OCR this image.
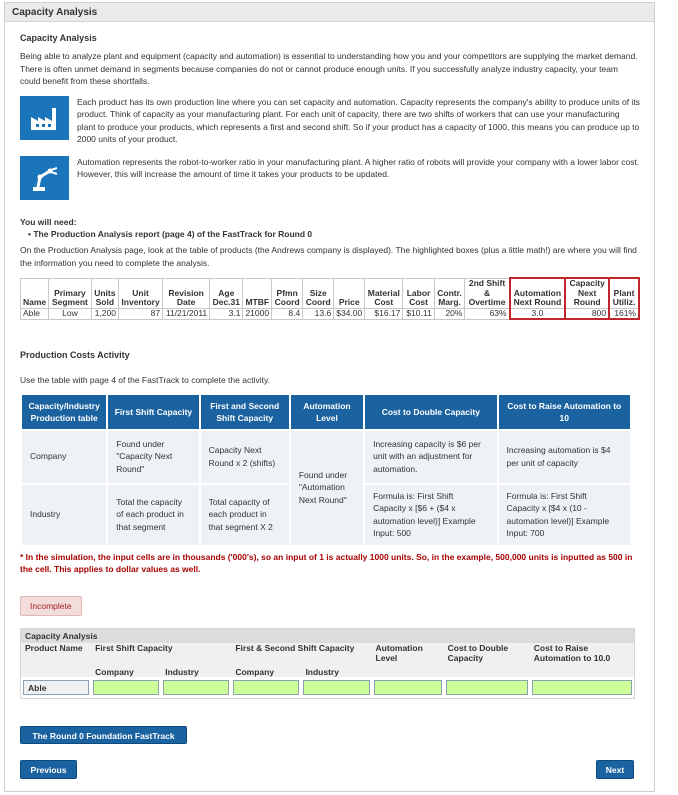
Capacity Analysis
Capacity Analysis

Being able to analyze plant and equipment (capacity and automation) is essential to understanding how you and your competitors are supplying the market demand. There is often unmet demand in segments because companies do not or cannot produce enough units. If you successfully analyze industry capacity, your team could benefit from these shortfalls.

Each product has its own production line where you can set capacity and automation. Capacity represents the company's ability to produce units of its product. Think of capacity as your manufacturing plant. For each unit of capacity, there are two shifts of workers that can use your manufacturing plant to produce your products, which represents a first and second shift. So if your product has a capacity of 1000, this means you can produce up to 2000 units of your product.

Automation represents the robot-to-worker ratio in your manufacturing plant. A higher ratio of robots will provide your company with a lower labor cost. However, this will increase the amount of time it takes your products to be updated.

You will need:

• The Production Analysis report (page 4) of the FastTrack for Round 0

On the Production Analysis page, look at the table of products (the Andrews company is displayed). The highlighted boxes (plus a little math!) are where you will find the information you need to complete the analysis.

Name	Primary Segment	Units Sold	Unit Inventory	Revision Date	Age Dec.31	MTBF	Pfmn Coord	Size Coord	Price	Material Cost	Labor Cost	Contr. Marg.	2nd Shift & Overtime	Automation Next Round	Capacity Next Round	Plant Utiliz.
Able	Low	1,200	87	11/21/2011	3.1	21000	8.4	13.6	$34.00	$16.17	$10.11	20%	63%	3.0	800	161%
Production Costs Activity

Use the table with page 4 of the FastTrack to complete the activity.

Capacity/Industry Production table	First Shift Capacity	First and Second Shift Capacity	Automation Level	Cost to Double Capacity	Cost to Raise Automation to 10
Company	Found under "Capacity Next Round"	Capacity Next Round x 2 (shifts)	Found under "Automation Next Round"	Increasing capacity is $6 per unit with an adjustment for automation.	Increasing automation is $4 per unit of capacity
Industry	Total the capacity of each product in that segment	Total capacity of each product in that segment X 2		Formula is: First Shift Capacity x [$6 + ($4 x automation level)] Example Input: 500	Formula is: First Shift Capacity x [$4 x (10 - automation level)] Example Input: 700

* In the simulation, the input cells are in thousands ('000's), so an input of 1 is actually 1000 units. So, in the example, 500,000 units is inputted as 500 in the cell. This applies to dollar values as well.

Incomplete
Capacity Analysis
Product Name	First Shift Capacity		First & Second Shift Capacity		Automation Level	Cost to Double Capacity	Cost to Raise Automation to 10.0
	Company	Industry	Company	Industry			

Able							

The Round 0 Foundation FastTrack
Previous	Next
